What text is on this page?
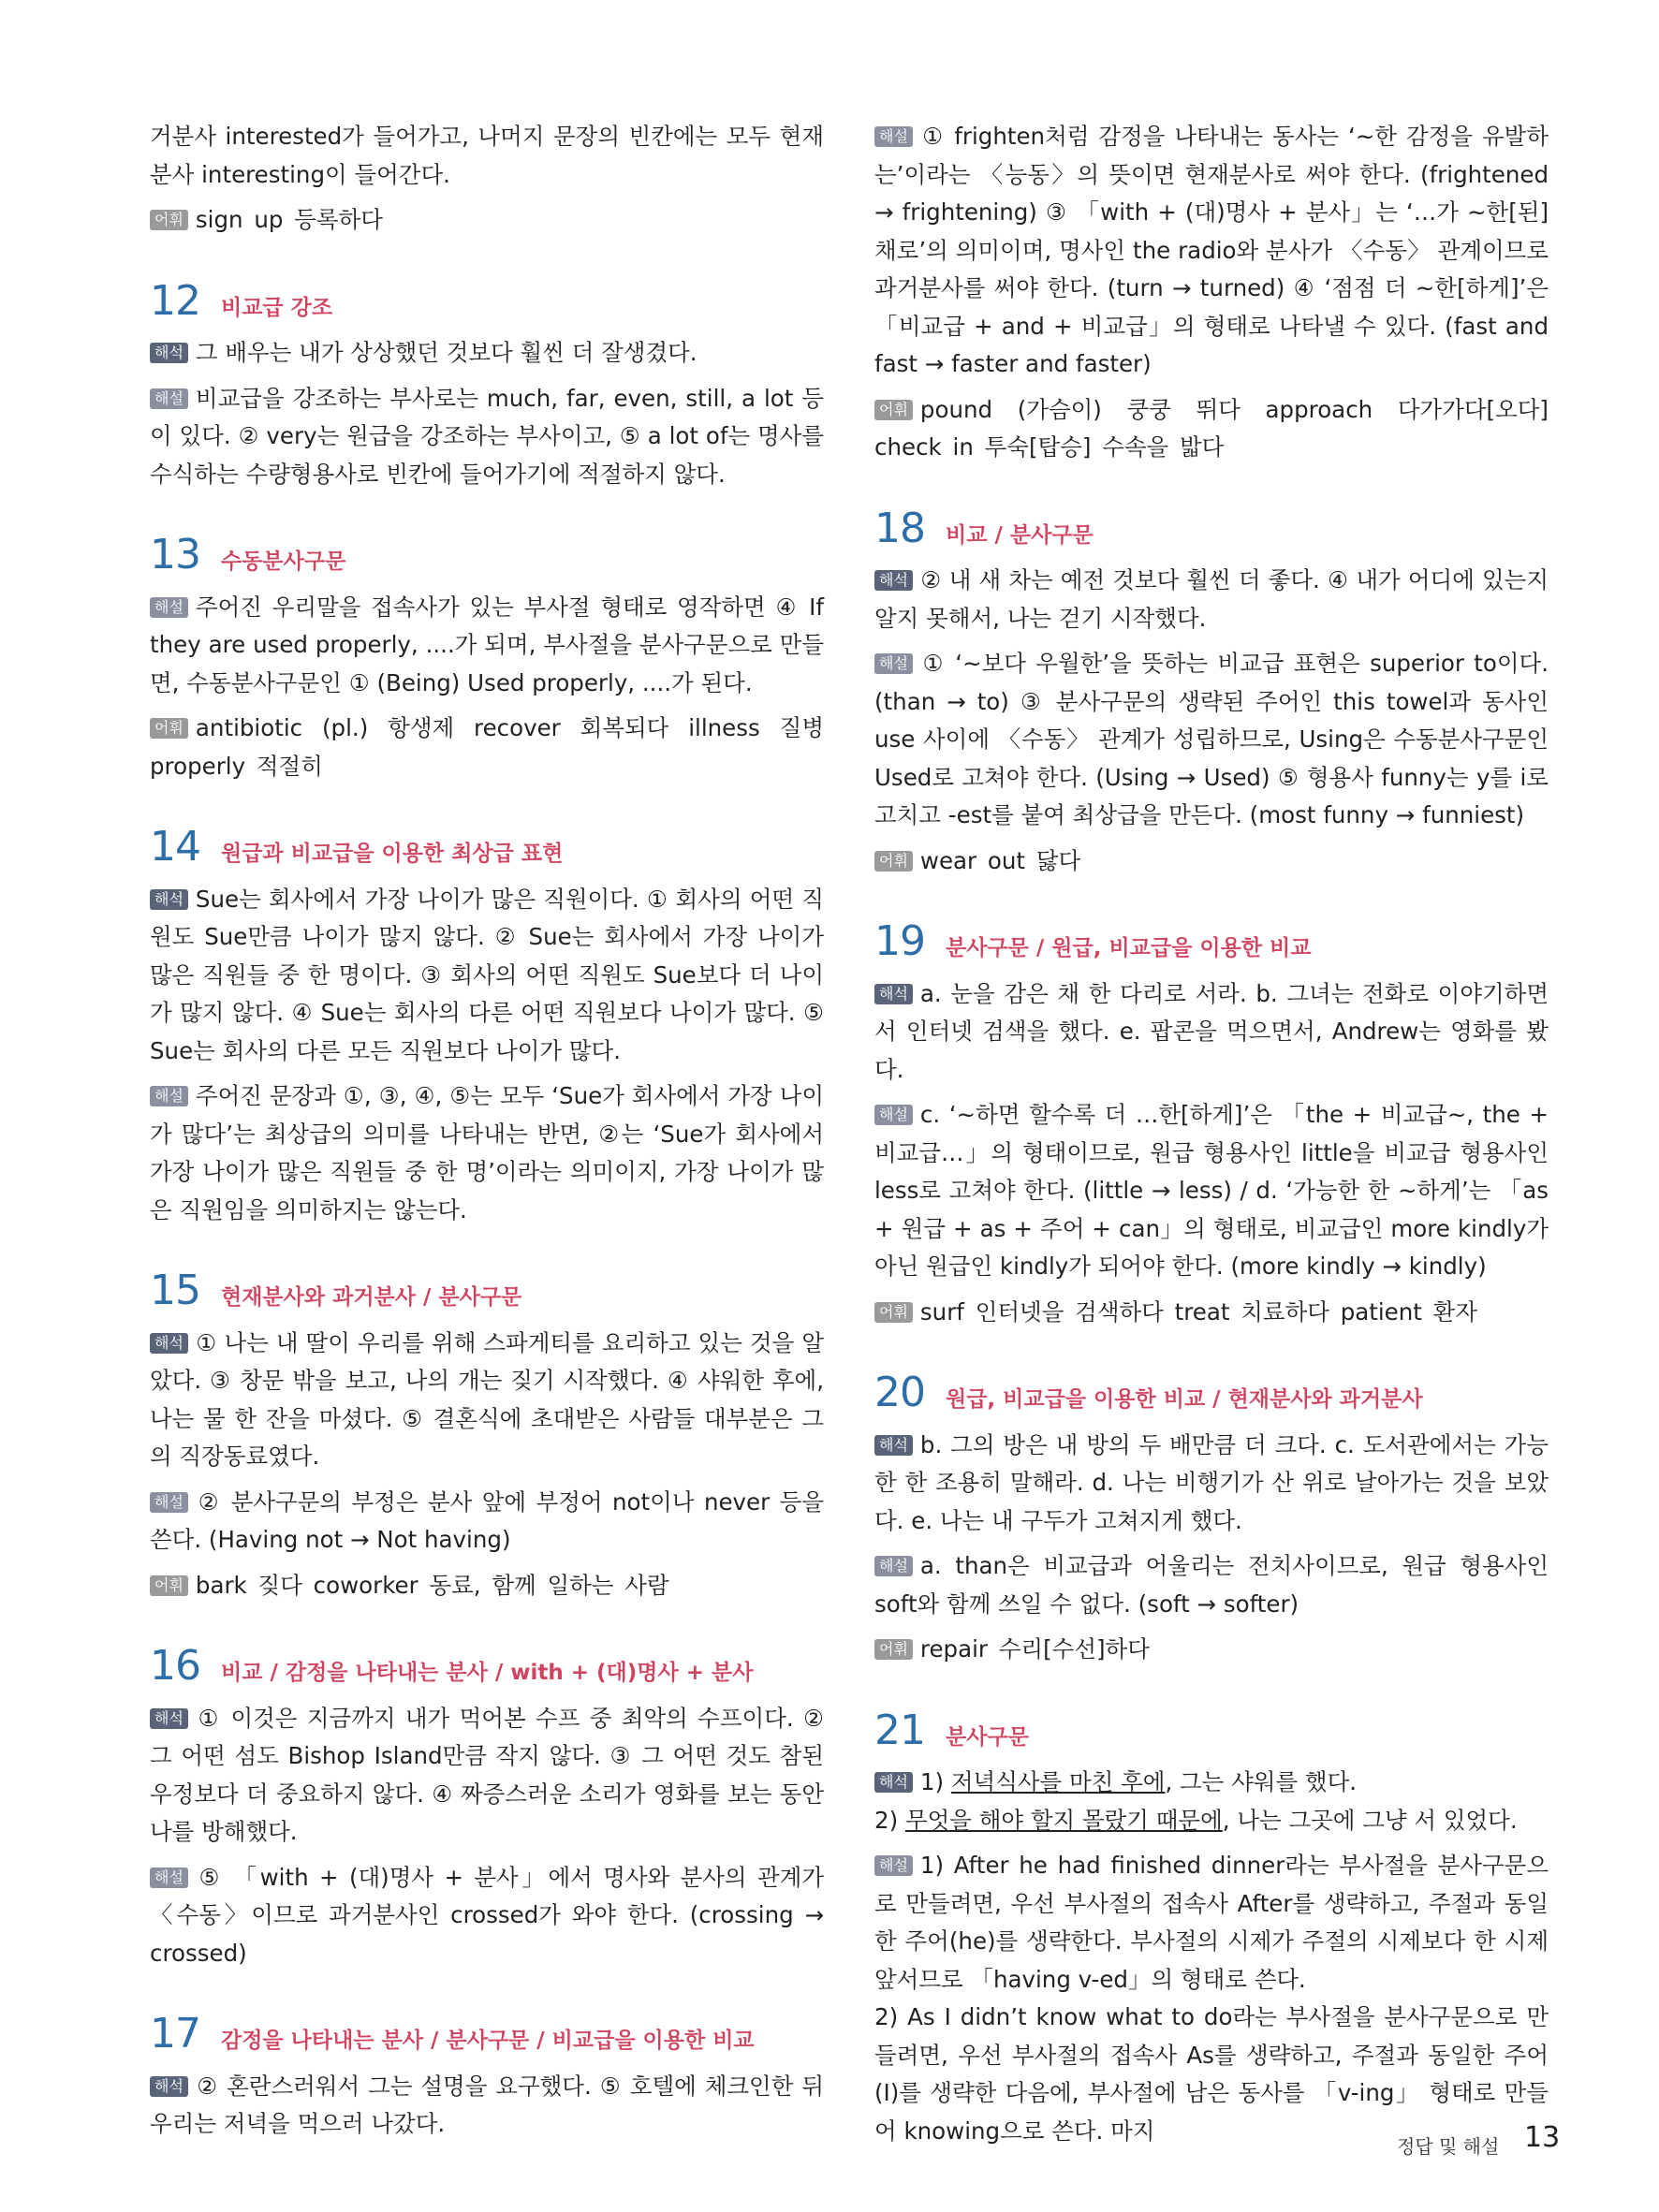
거분사 interested가 들어가고, 나머지 문장의 빈칸에는 모두 현재분사 interesting이 들어간다.

어휘 sign up 등록하다

12 비교급 강조

해석 그 배우는 내가 상상했던 것보다 훨씬 더 잘생겼다.

해설 비교급을 강조하는 부사로는 much, far, even, still, a lot 등이 있다. ② very는 원급을 강조하는 부사이고, ⑤ a lot of는 명사를 수식하는 수량형용사로 빈칸에 들어가기에 적절하지 않다.

13 수동분사구문

해설 주어진 우리말을 접속사가 있는 부사절 형태로 영작하면 ④ If they are used properly, ....가 되며, 부사절을 분사구문으로 만들면, 수동분사구문인 ① (Being) Used properly, ....가 된다.

어휘 antibiotic (pl.) 항생제 recover 회복되다 illness 질병 properly 적절히

14 원급과 비교급을 이용한 최상급 표현

해석 Sue는 회사에서 가장 나이가 많은 직원이다. ① 회사의 어떤 직원도 Sue만큼 나이가 많지 않다. ② Sue는 회사에서 가장 나이가 많은 직원들 중 한 명이다. ③ 회사의 어떤 직원도 Sue보다 더 나이가 많지 않다. ④ Sue는 회사의 다른 어떤 직원보다 나이가 많다. ⑤ Sue는 회사의 다른 모든 직원보다 나이가 많다.

해설 주어진 문장과 ①, ③, ④, ⑤는 모두 ‘Sue가 회사에서 가장 나이가 많다’는 최상급의 의미를 나타내는 반면, ②는 ‘Sue가 회사에서 가장 나이가 많은 직원들 중 한 명’이라는 의미이지, 가장 나이가 많은 직원임을 의미하지는 않는다.

15 현재분사와 과거분사 / 분사구문

해석 ① 나는 내 딸이 우리를 위해 스파게티를 요리하고 있는 것을 알았다. ③ 창문 밖을 보고, 나의 개는 짖기 시작했다. ④ 샤워한 후에, 나는 물 한 잔을 마셨다. ⑤ 결혼식에 초대받은 사람들 대부분은 그의 직장동료였다.

해설 ② 분사구문의 부정은 분사 앞에 부정어 not이나 never 등을 쓴다. (Having not → Not having)

어휘 bark 짖다 coworker 동료, 함께 일하는 사람

16 비교 / 감정을 나타내는 분사 / with + (대)명사 + 분사

해석 ① 이것은 지금까지 내가 먹어본 수프 중 최악의 수프이다. ② 그 어떤 섬도 Bishop Island만큼 작지 않다. ③ 그 어떤 것도 참된 우정보다 더 중요하지 않다. ④ 짜증스러운 소리가 영화를 보는 동안 나를 방해했다.

해설 ⑤ 「with + (대)명사 + 분사」에서 명사와 분사의 관계가 〈수동〉이므로 과거분사인 crossed가 와야 한다. (crossing → crossed)

17 감정을 나타내는 분사 / 분사구문 / 비교급을 이용한 비교

해석 ② 혼란스러워서 그는 설명을 요구했다. ⑤ 호텔에 체크인한 뒤 우리는 저녁을 먹으러 나갔다.

해설 ① frighten처럼 감정을 나타내는 동사는 ‘~한 감정을 유발하는’이라는 〈능동〉의 뜻이면 현재분사로 써야 한다. (frightened → frightening) ③ 「with + (대)명사 + 분사」는 ‘…가 ~한[된] 채로’의 의미이며, 명사인 the radio와 분사가 〈수동〉 관계이므로 과거분사를 써야 한다. (turn → turned) ④ ‘점점 더 ~한[하게]’은 「비교급 + and + 비교급」의 형태로 나타낼 수 있다. (fast and fast → faster and faster)

어휘 pound (가슴이) 쿵쿵 뛰다 approach 다가가다[오다] check in 투숙[탑승] 수속을 밟다

18 비교 / 분사구문

해석 ② 내 새 차는 예전 것보다 훨씬 더 좋다. ④ 내가 어디에 있는지 알지 못해서, 나는 걷기 시작했다.

해설 ① ‘~보다 우월한’을 뜻하는 비교급 표현은 superior to이다. (than → to) ③ 분사구문의 생략된 주어인 this towel과 동사인 use 사이에 〈수동〉 관계가 성립하므로, Using은 수동분사구문인 Used로 고쳐야 한다. (Using → Used) ⑤ 형용사 funny는 y를 i로 고치고 -est를 붙여 최상급을 만든다. (most funny → funniest)

어휘 wear out 닳다

19 분사구문 / 원급, 비교급을 이용한 비교

해석 a. 눈을 감은 채 한 다리로 서라. b. 그녀는 전화로 이야기하면서 인터넷 검색을 했다. e. 팝콘을 먹으면서, Andrew는 영화를 봤다.

해설 c. ‘~하면 할수록 더 …한[하게]’은 「the + 비교급~, the + 비교급…」의 형태이므로, 원급 형용사인 little을 비교급 형용사인 less로 고쳐야 한다. (little → less) / d. ‘가능한 한 ~하게’는 「as + 원급 + as + 주어 + can」의 형태로, 비교급인 more kindly가 아닌 원급인 kindly가 되어야 한다. (more kindly → kindly)

어휘 surf 인터넷을 검색하다 treat 치료하다 patient 환자

20 원급, 비교급을 이용한 비교 / 현재분사와 과거분사

해석 b. 그의 방은 내 방의 두 배만큼 더 크다. c. 도서관에서는 가능한 한 조용히 말해라. d. 나는 비행기가 산 위로 날아가는 것을 보았다. e. 나는 내 구두가 고쳐지게 했다.

해설 a. than은 비교급과 어울리는 전치사이므로, 원급 형용사인 soft와 함께 쓰일 수 없다. (soft → softer)

어휘 repair 수리[수선]하다

21 분사구문

해석 1) 저녁식사를 마친 후에, 그는 샤워를 했다.

2) 무엇을 해야 할지 몰랐기 때문에, 나는 그곳에 그냥 서 있었다.

해설 1) After he had finished dinner라는 부사절을 분사구문으로 만들려면, 우선 부사절의 접속사 After를 생략하고, 주절과 동일한 주어(he)를 생략한다. 부사절의 시제가 주절의 시제보다 한 시제 앞서므로 「having v-ed」의 형태로 쓴다.

2) As I didn’t know what to do라는 부사절을 분사구문으로 만들려면, 우선 부사절의 접속사 As를 생략하고, 주절과 동일한 주어(I)를 생략한 다음에, 부사절에 남은 동사를 「v-ing」 형태로 만들어 knowing으로 쓴다. 마지

정답 및 해설 13
